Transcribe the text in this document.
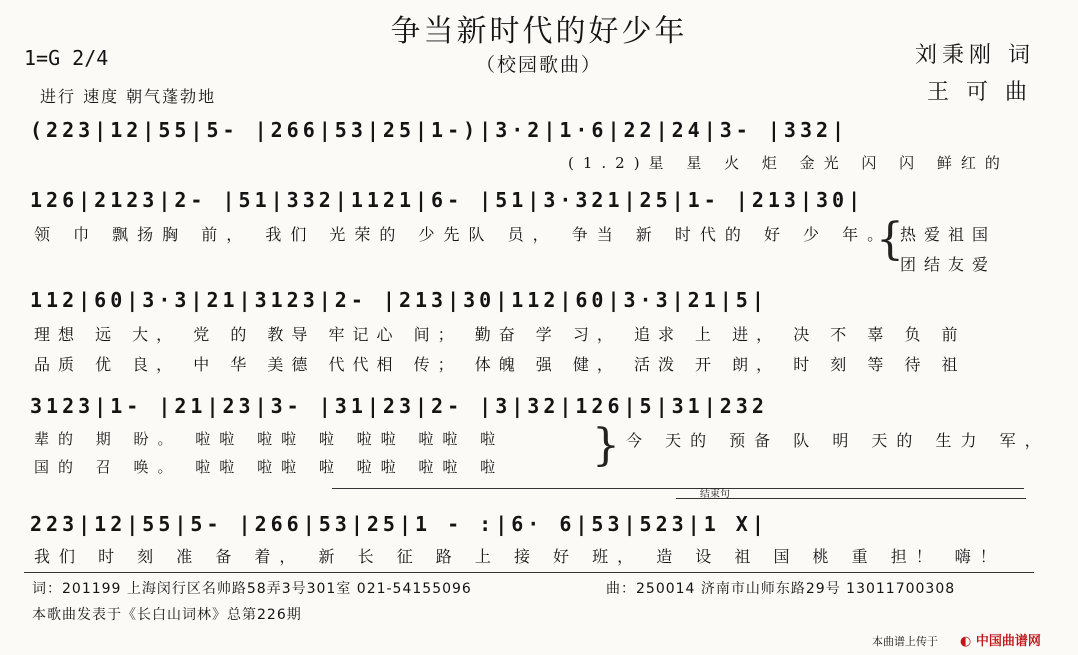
争当新时代的好少年
（校园歌曲）
1=G 2/4
进行 速度 朝气蓬勃地
刘秉刚 词
王 可 曲
(223|12|55|5- |266|53|25|1-)|3·2|1·6|22|24|3- |332|
(1.2)星 星 火 炬 金光 闪 闪 鲜红的
126|2123|2- |51|332|1121|6- |51|3·321|25|1- |213|30|
领 巾 飘扬胸 前， 我们 光荣的 少先队 员， 争当 新 时代的 好 少 年。
{
热爱祖国
团结友爱
112|60|3·3|21|3123|2- |213|30|112|60|3·3|21|5|
理想 远 大， 党 的 教导 牢记心 间； 勤奋 学 习， 追求 上 进， 决 不 辜 负 前
品质 优 良， 中 华 美德 代代相 传； 体魄 强 健， 活泼 开 朗， 时 刻 等 待 祖
3123|1- |21|23|3- |31|23|2- |3|32|126|5|31|232
辈的 期 盼。 啦啦 啦啦 啦 啦啦 啦啦 啦
国的 召 唤。 啦啦 啦啦 啦 啦啦 啦啦 啦 } 今 天的 预备 队 明 天的 生力 军，
结束句
223|12|55|5- |266|53|25|1 - :|6· 6|53|523|1 X|
我们 时 刻 准 备 着， 新 长 征 路 上 接 好 班， 造 设 祖 国 桃 重 担！ 嗨！
词：201199 上海闵行区名帅路58弄3号301室 021-54155096	曲：250014 济南市山师东路29号 13011700308
本歌曲发表于《长白山词林》总第226期
本曲谱上传于 ◐ 中国曲谱网
